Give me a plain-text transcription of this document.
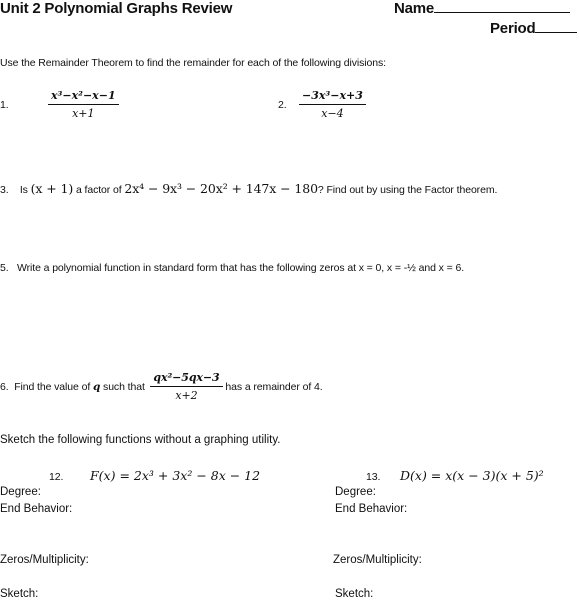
Unit 2 Polynomial Graphs Review	Name
Period
Use the Remainder Theorem to find the remainder for each of the following divisions:
1.	$\frac{\text{x³−x²−x−1}}{x+1}$	2. $\frac{\text{−3x³−x+3}}{x-4}$
3. Is (x + 1) a factor of 2x⁴ − 9x³ − 20x² + 147x − 180? Find out by using the Factor theorem.
5. Write a polynomial function in standard form that has the following zeros at x = 0, x = -½ and x = 6.
6.
Find the value of
q
such that
$\frac{\text{qx²−5qx−3}}{x+2}$
has a remainder of 4.
Sketch the following functions without a graphing utility.
12. F(x) = 2x³ + 3x² − 8x − 12	13. D(x) = x(x − 3)(x + 5)²
Degree:
End Behavior:
Zeros/Multiplicity:
Sketch:
Degree:
End Behavior:
Zeros/Multiplicity:
Sketch:
